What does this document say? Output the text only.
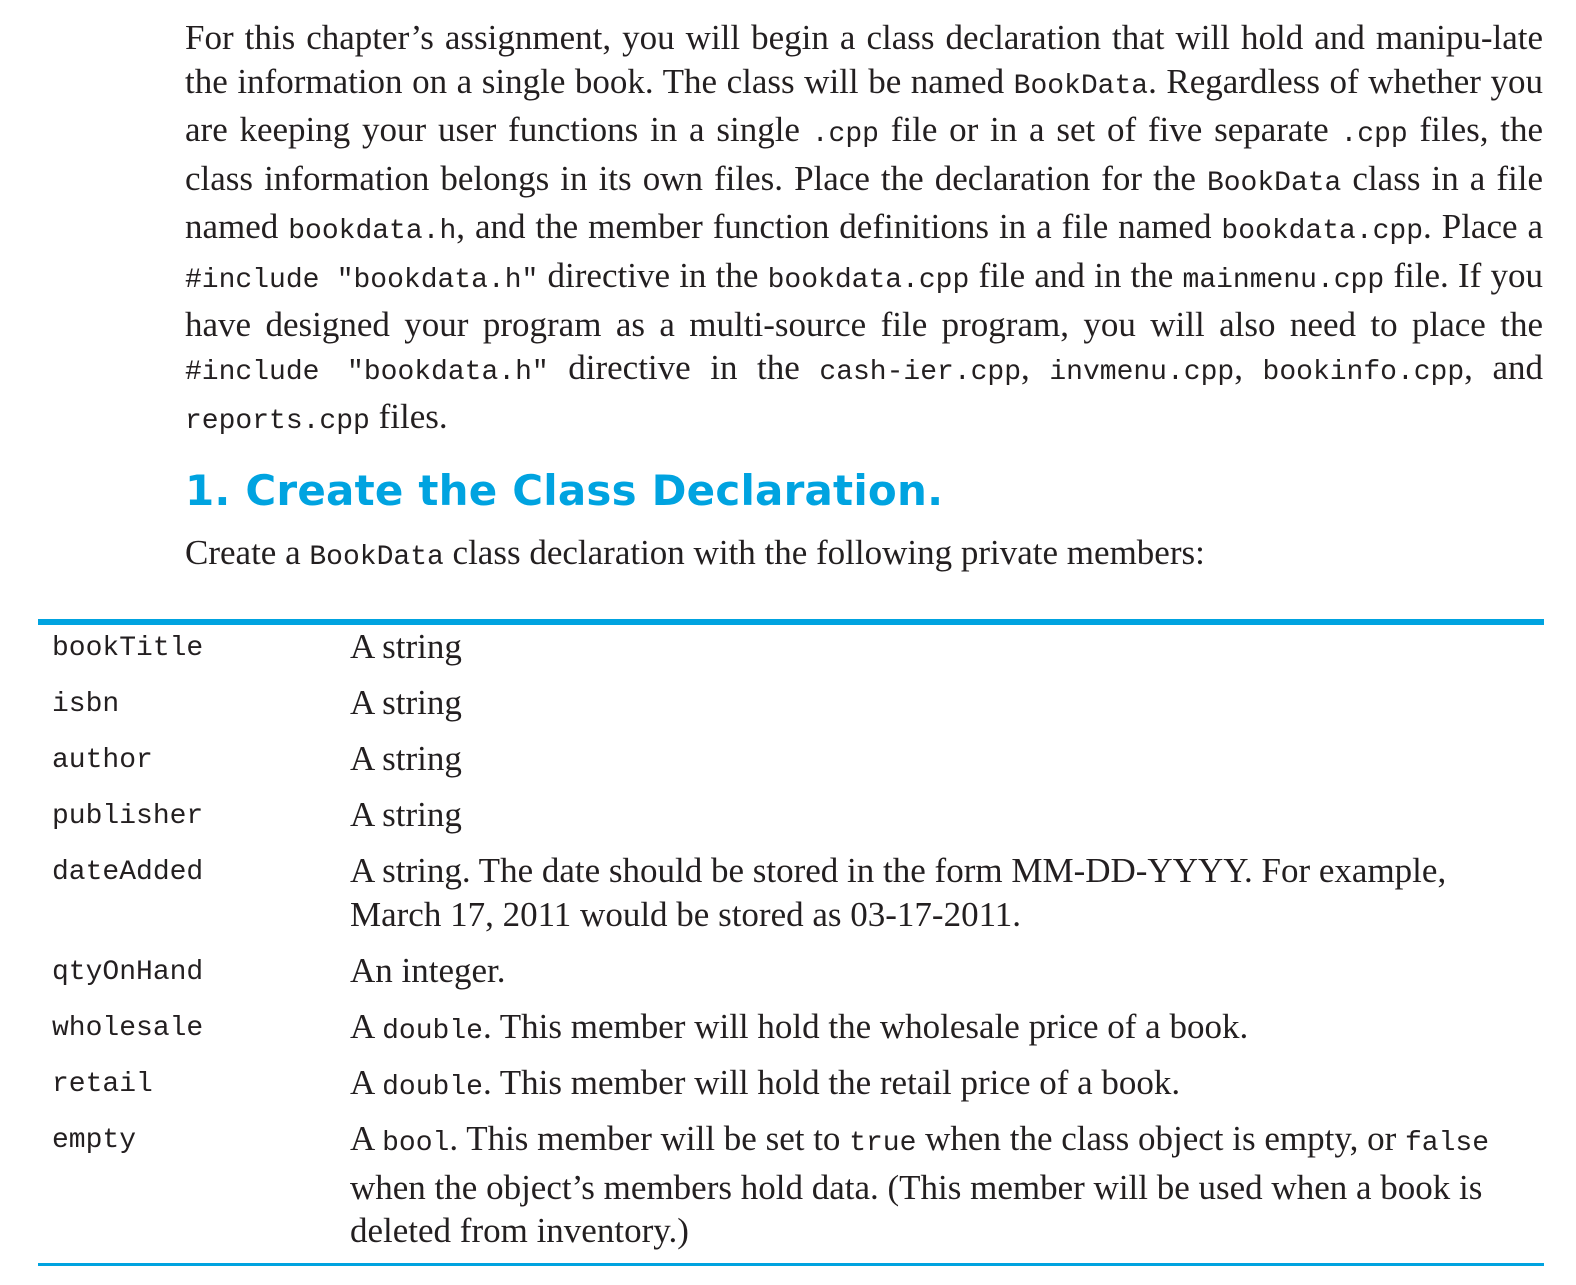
For this chapter’s assignment, you will begin a class declaration that will hold and manipu-late the information on a single book. The class will be named BookData. Regardless of whether you are keeping your user functions in a single .cpp file or in a set of five separate .cpp files, the class information belongs in its own files. Place the declaration for the BookData class in a file named bookdata.h, and the member function definitions in a file named bookdata.cpp. Place a #include "bookdata.h" directive in the bookdata.cpp file and in the mainmenu.cpp file. If you have designed your program as a multi-source file program, you will also need to place the #include "bookdata.h" directive in the cash-ier.cpp, invmenu.cpp, bookinfo.cpp, and reports.cpp files.

1. Create the Class Declaration.

Create a BookData class declaration with the following private members:

bookTitle	A string
isbn	A string
author	A string
publisher	A string
dateAdded	A string. The date should be stored in the form MM-DD-YYYY. For example, March 17, 2011 would be stored as 03-17-2011.
qtyOnHand	An integer.
wholesale	A double. This member will hold the wholesale price of a book.
retail	A double. This member will hold the retail price of a book.
empty	A bool. This member will be set to true when the class object is empty, or false when the object’s members hold data. (This member will be used when a book is deleted from inventory.)
